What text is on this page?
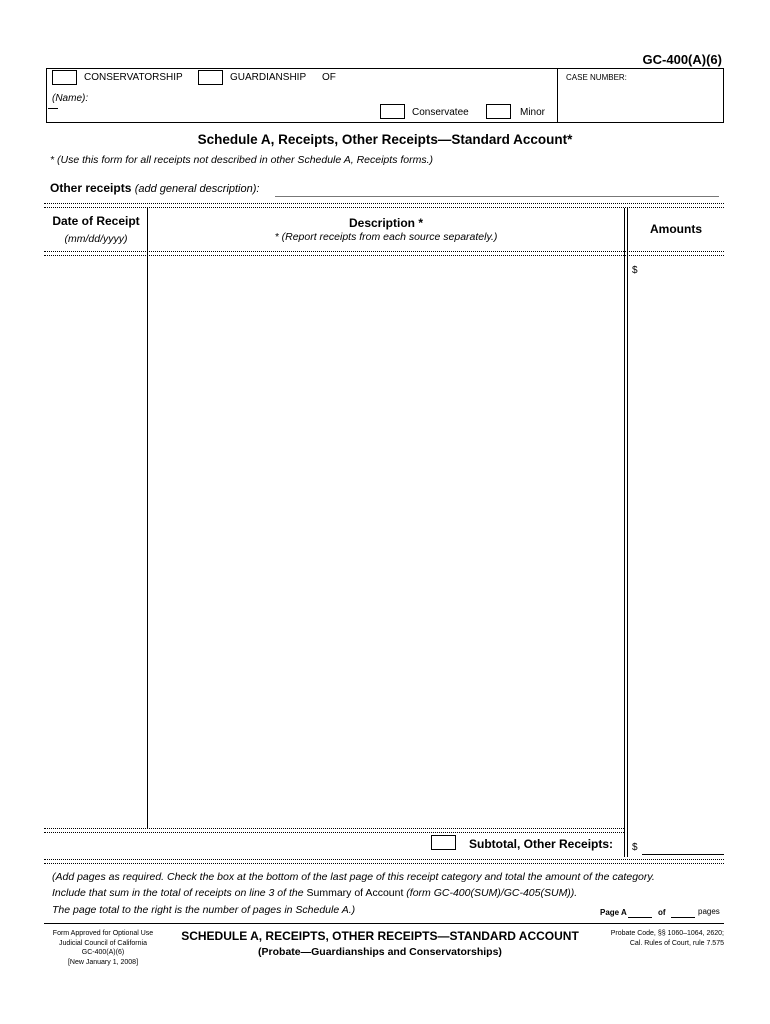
GC-400(A)(6)
CONSERVATORSHIP	GUARDIANSHIP OF
(Name):
Conservatee	Minor
CASE NUMBER:
Schedule A, Receipts, Other Receipts—Standard Account*
* (Use this form for all receipts not described in other Schedule A, Receipts forms.)
Other receipts (add general description):
Date of Receipt
(mm/dd/yyyy)
Description *
* (Report receipts from each source separately.)
Amounts
$
Subtotal, Other Receipts: $
(Add pages as required. Check the box at the bottom of the last page of this receipt category and total the amount of the category.
Include that sum in the total of receipts on line 3 of the Summary of Account (form GC-400(SUM)/GC-405(SUM)).
The page total to the right is the number of pages in Schedule A.)	Page A	of	pages
Form Approved for Optional Use
Judicial Council of California
GC-400(A)(6)
[New January 1, 2008]
SCHEDULE A, RECEIPTS, OTHER RECEIPTS—STANDARD ACCOUNT
(Probate—Guardianships and Conservatorships)
Probate Code, §§ 1060–1064, 2620;
Cal. Rules of Court, rule 7.575
